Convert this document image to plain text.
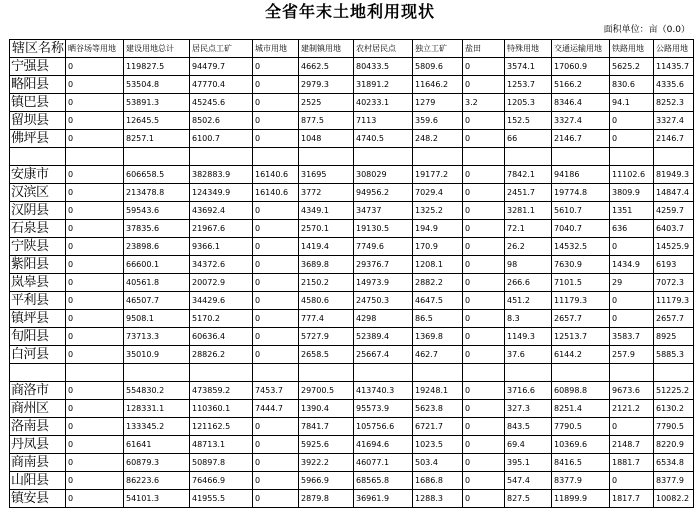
全省年末土地利用现状
面积单位：亩（0.0）
辖区名称	晒谷场等用地	建设用地总计	居民点工矿	城市用地	建制镇用地	农村居民点	独立工矿	盐田	特殊用地	交通运输用地	铁路用地	公路用地
宁强县	0	119827.5	94479.7	0	4662.5	80433.5	5809.6	0	3574.1	17060.9	5625.2	11435.7
略阳县	0	53504.8	47770.4	0	2979.3	31891.2	11646.2	0	1253.7	5166.2	830.6	4335.6
镇巴县	0	53891.3	45245.6	0	2525	40233.1	1279	3.2	1205.3	8346.4	94.1	8252.3
留坝县	0	12645.5	8502.6	0	877.5	7113	359.6	0	152.5	3327.4	0	3327.4
佛坪县	0	8257.1	6100.7	0	1048	4740.5	248.2	0	66	2146.7	0	2146.7

安康市	0	606658.5	382883.9	16140.6	31695	308029	19177.2	0	7842.1	94186	11102.6	81949.3
汉滨区	0	213478.8	124349.9	16140.6	3772	94956.2	7029.4	0	2451.7	19774.8	3809.9	14847.4
汉阴县	0	59543.6	43692.4	0	4349.1	34737	1325.2	0	3281.1	5610.7	1351	4259.7
石泉县	0	37835.6	21967.6	0	2570.1	19130.5	194.9	0	72.1	7040.7	636	6403.7
宁陕县	0	23898.6	9366.1	0	1419.4	7749.6	170.9	0	26.2	14532.5	0	14525.9
紫阳县	0	66600.1	34372.6	0	3689.8	29376.7	1208.1	0	98	7630.9	1434.9	6193
岚皋县	0	40561.8	20072.9	0	2150.2	14973.9	2882.2	0	266.6	7101.5	29	7072.3
平利县	0	46507.7	34429.6	0	4580.6	24750.3	4647.5	0	451.2	11179.3	0	11179.3
镇坪县	0	9508.1	5170.2	0	777.4	4298	86.5	0	8.3	2657.7	0	2657.7
旬阳县	0	73713.3	60636.4	0	5727.9	52389.4	1369.8	0	1149.3	12513.7	3583.7	8925
白河县	0	35010.9	28826.2	0	2658.5	25667.4	462.7	0	37.6	6144.2	257.9	5885.3

商洛市	0	554830.2	473859.2	7453.7	29700.5	413740.3	19248.1	0	3716.6	60898.8	9673.6	51225.2
商州区	0	128331.1	110360.1	7444.7	1390.4	95573.9	5623.8	0	327.3	8251.4	2121.2	6130.2
洛南县	0	133345.2	121162.5	0	7841.7	105756.6	6721.7	0	843.5	7790.5	0	7790.5
丹凤县	0	61641	48713.1	0	5925.6	41694.6	1023.5	0	69.4	10369.6	2148.7	8220.9
商南县	0	60879.3	50897.8	0	3922.2	46077.1	503.4	0	395.1	8416.5	1881.7	6534.8
山阳县	0	86223.6	76466.9	0	5966.9	68565.8	1686.8	0	547.4	8377.9	0	8377.9
镇安县	0	54101.3	41955.5	0	2879.8	36961.9	1288.3	0	827.5	11899.9	1817.7	10082.2
